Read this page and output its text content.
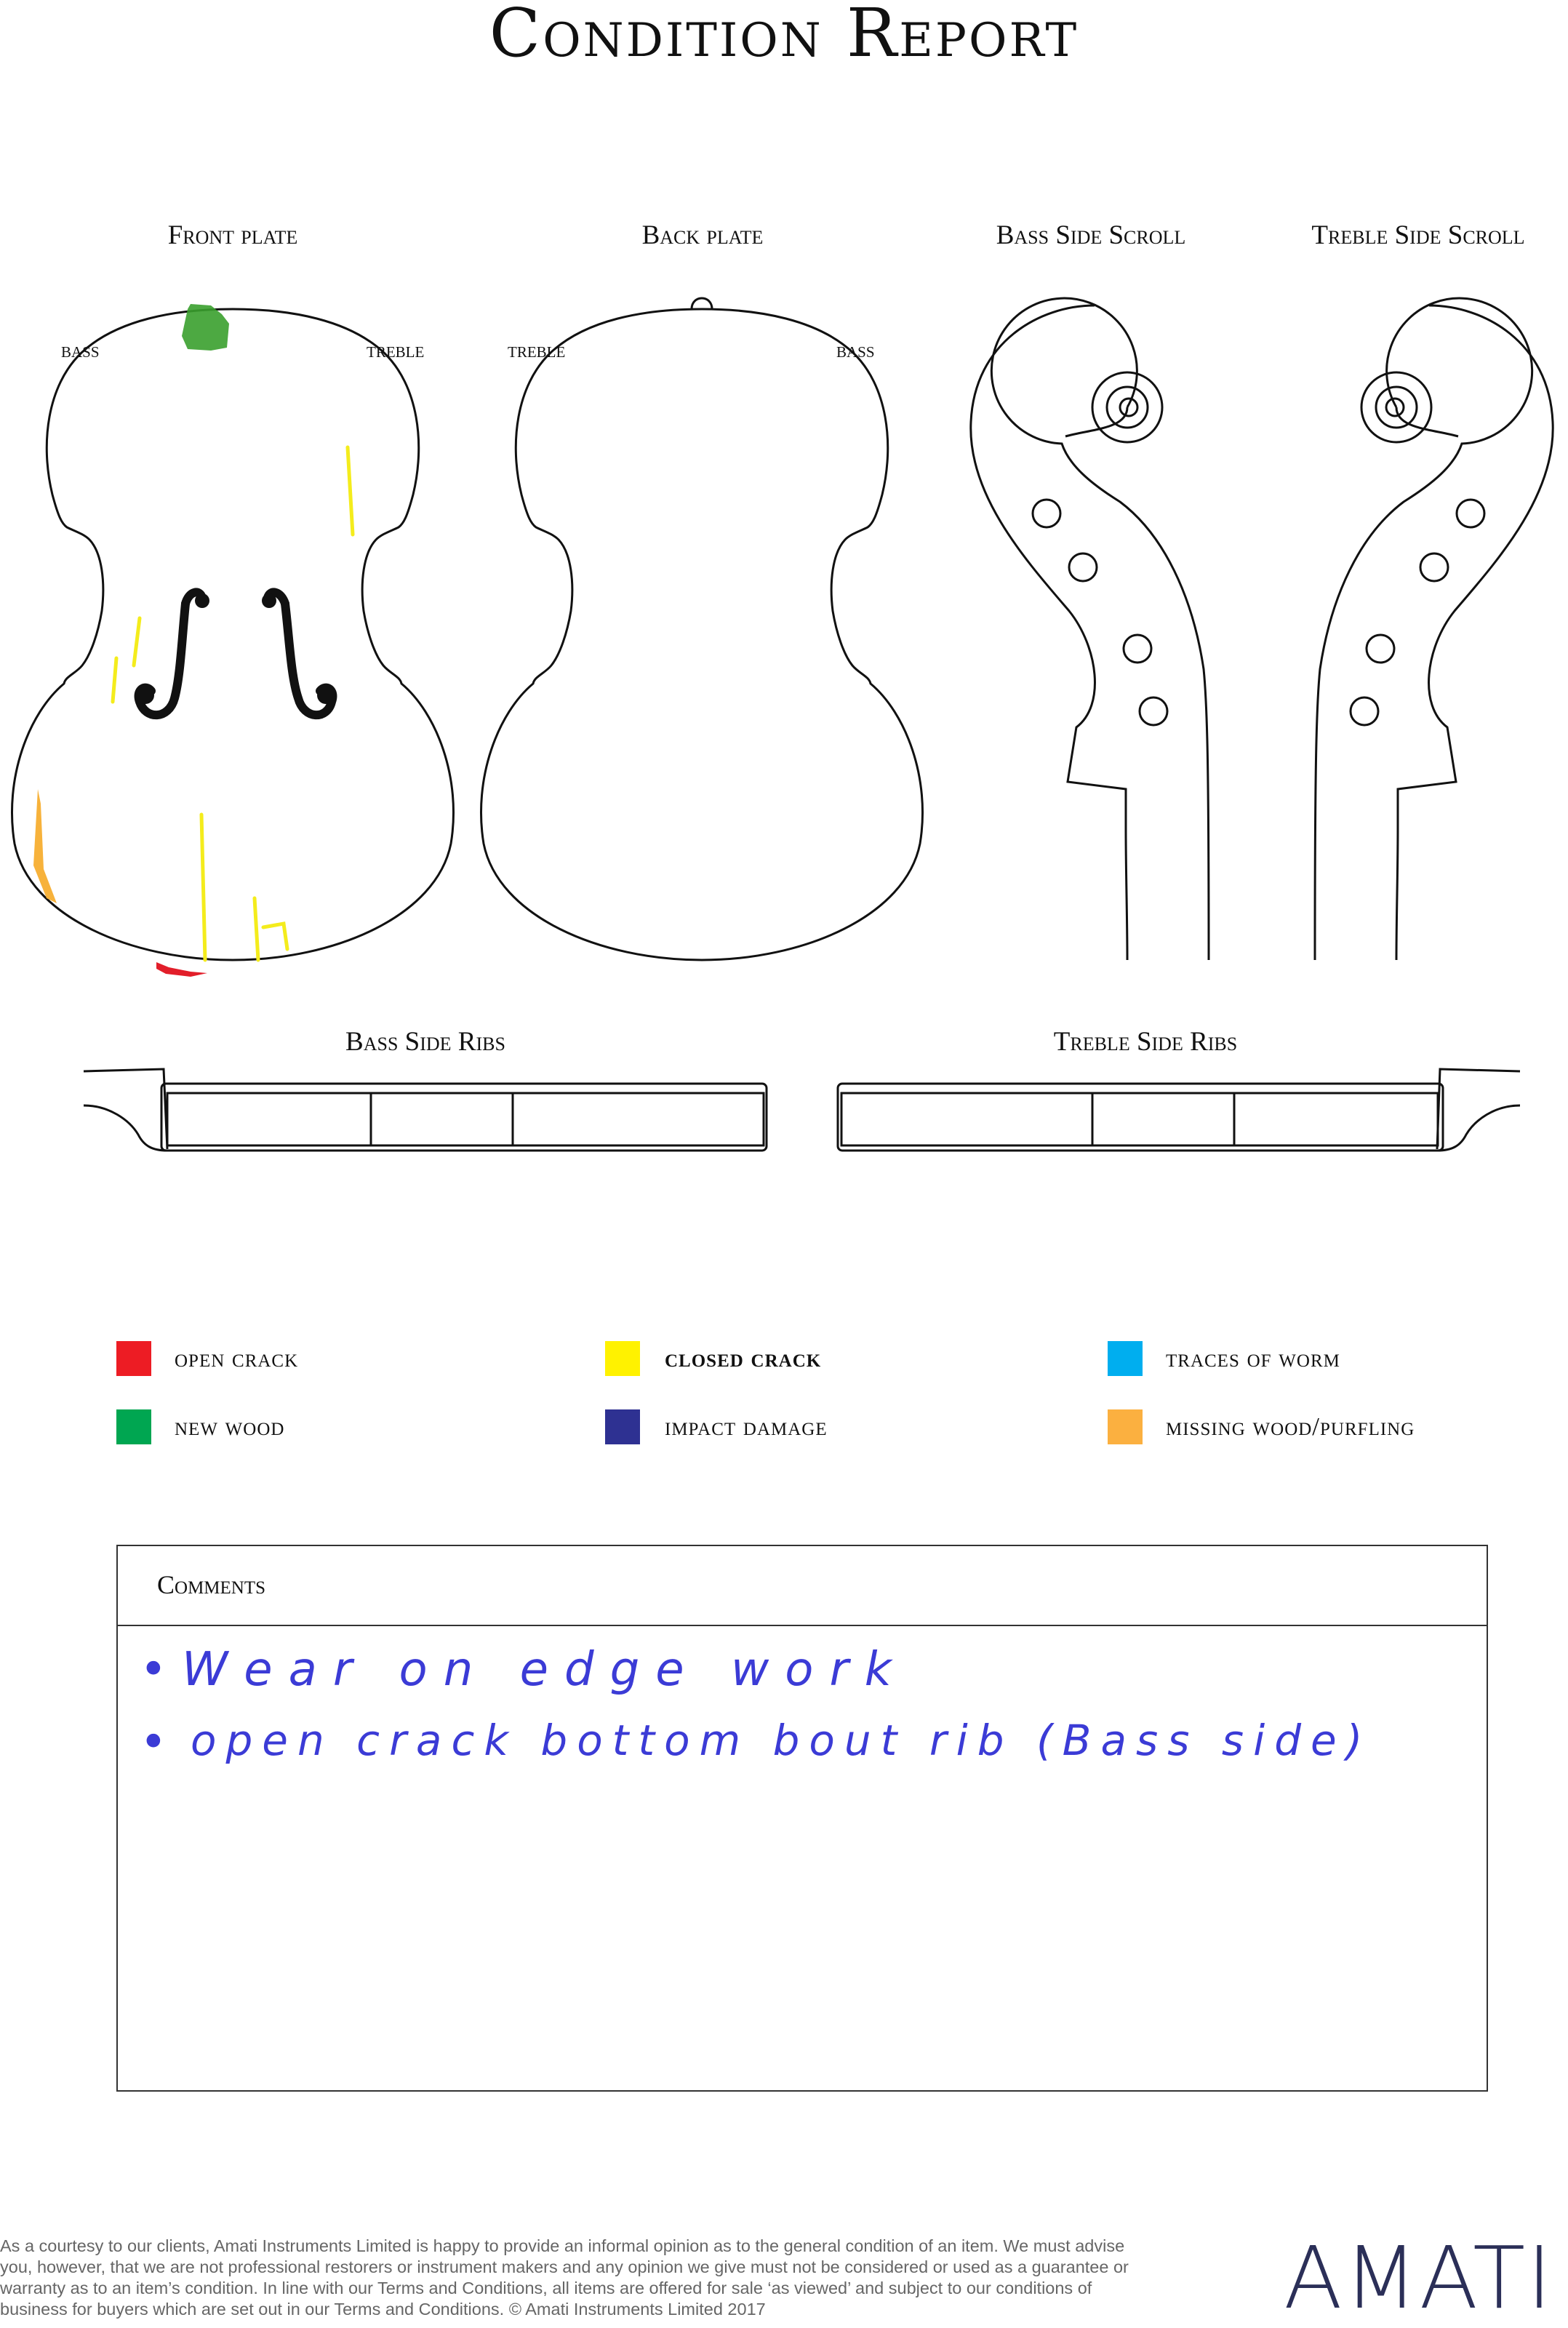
Condition Report
Front plate	Back plate	Bass Side Scroll	Treble Side Scroll
Bass Side Ribs	Treble Side Ribs
BASS	TREBLE	TREBLE	BASS
open crack	closed crack	traces of worm
new wood	impact damage	missing wood/purfling
Comments
•
Wear on edge work
• open crack bottom bout rib (Bass side)
As a courtesy to our clients, Amati Instruments Limited is happy to provide an informal opinion as to the general condition of an item. We must advise you, however, that we are not professional restorers or instrument makers and any opinion we give must not be considered or used as a guarantee or warranty as to an item’s condition. In line with our Terms and Conditions, all items are offered for sale ‘as viewed’ and subject to our conditions of business for buyers which are set out in our Terms and Conditions. © Amati Instruments Limited 2017	AMATI
